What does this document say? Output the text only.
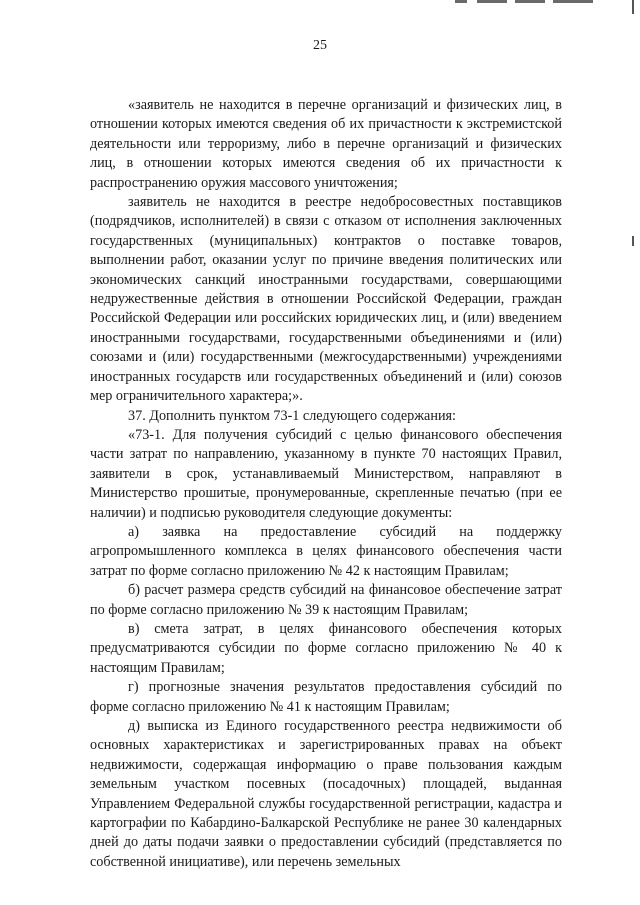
25

«заявитель не находится в перечне организаций и физических лиц, в отношении которых имеются сведения об их причастности к экстремистской деятельности или терроризму, либо в перечне организаций и физических лиц, в отношении которых имеются сведения об их причастности к распространению оружия массового уничтожения;

заявитель не находится в реестре недобросовестных поставщиков (подрядчиков, исполнителей) в связи с отказом от исполнения заключенных государственных (муниципальных) контрактов о поставке товаров, выполнении работ, оказании услуг по причине введения политических или экономических санкций иностранными государствами, совершающими недружественные действия в отношении Российской Федерации, граждан Российской Федерации или российских юридических лиц, и (или) введением иностранными государствами, государственными объединениями и (или) союзами и (или) государственными (межгосударственными) учреждениями иностранных государств или государственных объединений и (или) союзов мер ограничительного характера;».

37. Дополнить пунктом 73-1 следующего содержания:

«73-1. Для получения субсидий с целью финансового обеспечения части затрат по направлению, указанному в пункте 70 настоящих Правил, заявители в срок, устанавливаемый Министерством, направляют в Министерство прошитые, пронумерованные, скрепленные печатью (при ее наличии) и подписью руководителя следующие документы:

а) заявка на предоставление субсидий на поддержку агропромышленного комплекса в целях финансового обеспечения части затрат по форме согласно приложению № 42 к настоящим Правилам;

б) расчет размера средств субсидий на финансовое обеспечение затрат по форме согласно приложению № 39 к настоящим Правилам;

в) смета затрат, в целях финансового обеспечения которых предусматриваются субсидии по форме согласно приложению № 40 к настоящим Правилам;

г) прогнозные значения результатов предоставления субсидий по форме согласно приложению № 41 к настоящим Правилам;

д) выписка из Единого государственного реестра недвижимости об основных характеристиках и зарегистрированных правах на объект недвижимости, содержащая информацию о праве пользования каждым земельным участком посевных (посадочных) площадей, выданная Управлением Федеральной службы государственной регистрации, кадастра и картографии по Кабардино-Балкарской Республике не ранее 30 календарных дней до даты подачи заявки о предоставлении субсидий (представляется по собственной инициативе), или перечень земельных
